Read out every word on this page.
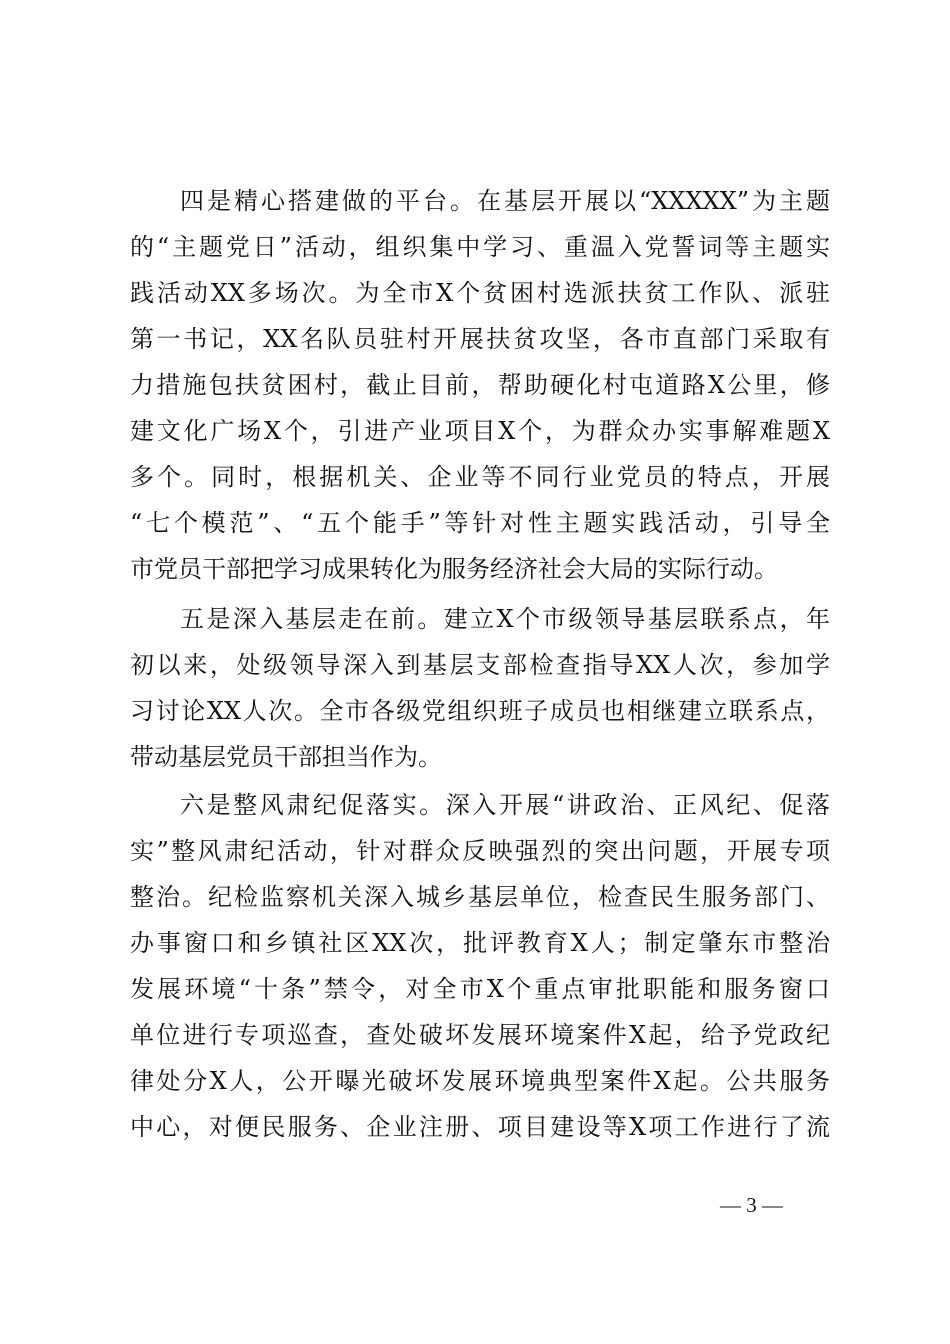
四是精心搭建做的平台。在基层开展以“XXXXX”为主题
的“主题党日”活动，组织集中学习、重温入党誓词等主题实
践活动XX多场次。为全市X个贫困村选派扶贫工作队、派驻
第一书记，XX名队员驻村开展扶贫攻坚，各市直部门采取有
力措施包扶贫困村，截止目前，帮助硬化村屯道路X公里，修
建文化广场X个，引进产业项目X个，为群众办实事解难题X
多个。同时，根据机关、企业等不同行业党员的特点，开展
“七个模范”、“五个能手”等针对性主题实践活动，引导全
市党员干部把学习成果转化为服务经济社会大局的实际行动。
五是深入基层走在前。建立X个市级领导基层联系点，年
初以来，处级领导深入到基层支部检查指导XX人次，参加学
习讨论XX人次。全市各级党组织班子成员也相继建立联系点，
带动基层党员干部担当作为。
六是整风肃纪促落实。深入开展“讲政治、正风纪、促落
实”整风肃纪活动，针对群众反映强烈的突出问题，开展专项
整治。纪检监察机关深入城乡基层单位，检查民生服务部门、
办事窗口和乡镇社区XX次，批评教育X人；制定肇东市整治
发展环境“十条”禁令，对全市X个重点审批职能和服务窗口
单位进行专项巡查，查处破坏发展环境案件X起，给予党政纪
律处分X人，公开曝光破坏发展环境典型案件X起。公共服务
中心，对便民服务、企业注册、项目建设等X项工作进行了流
— 3 —
